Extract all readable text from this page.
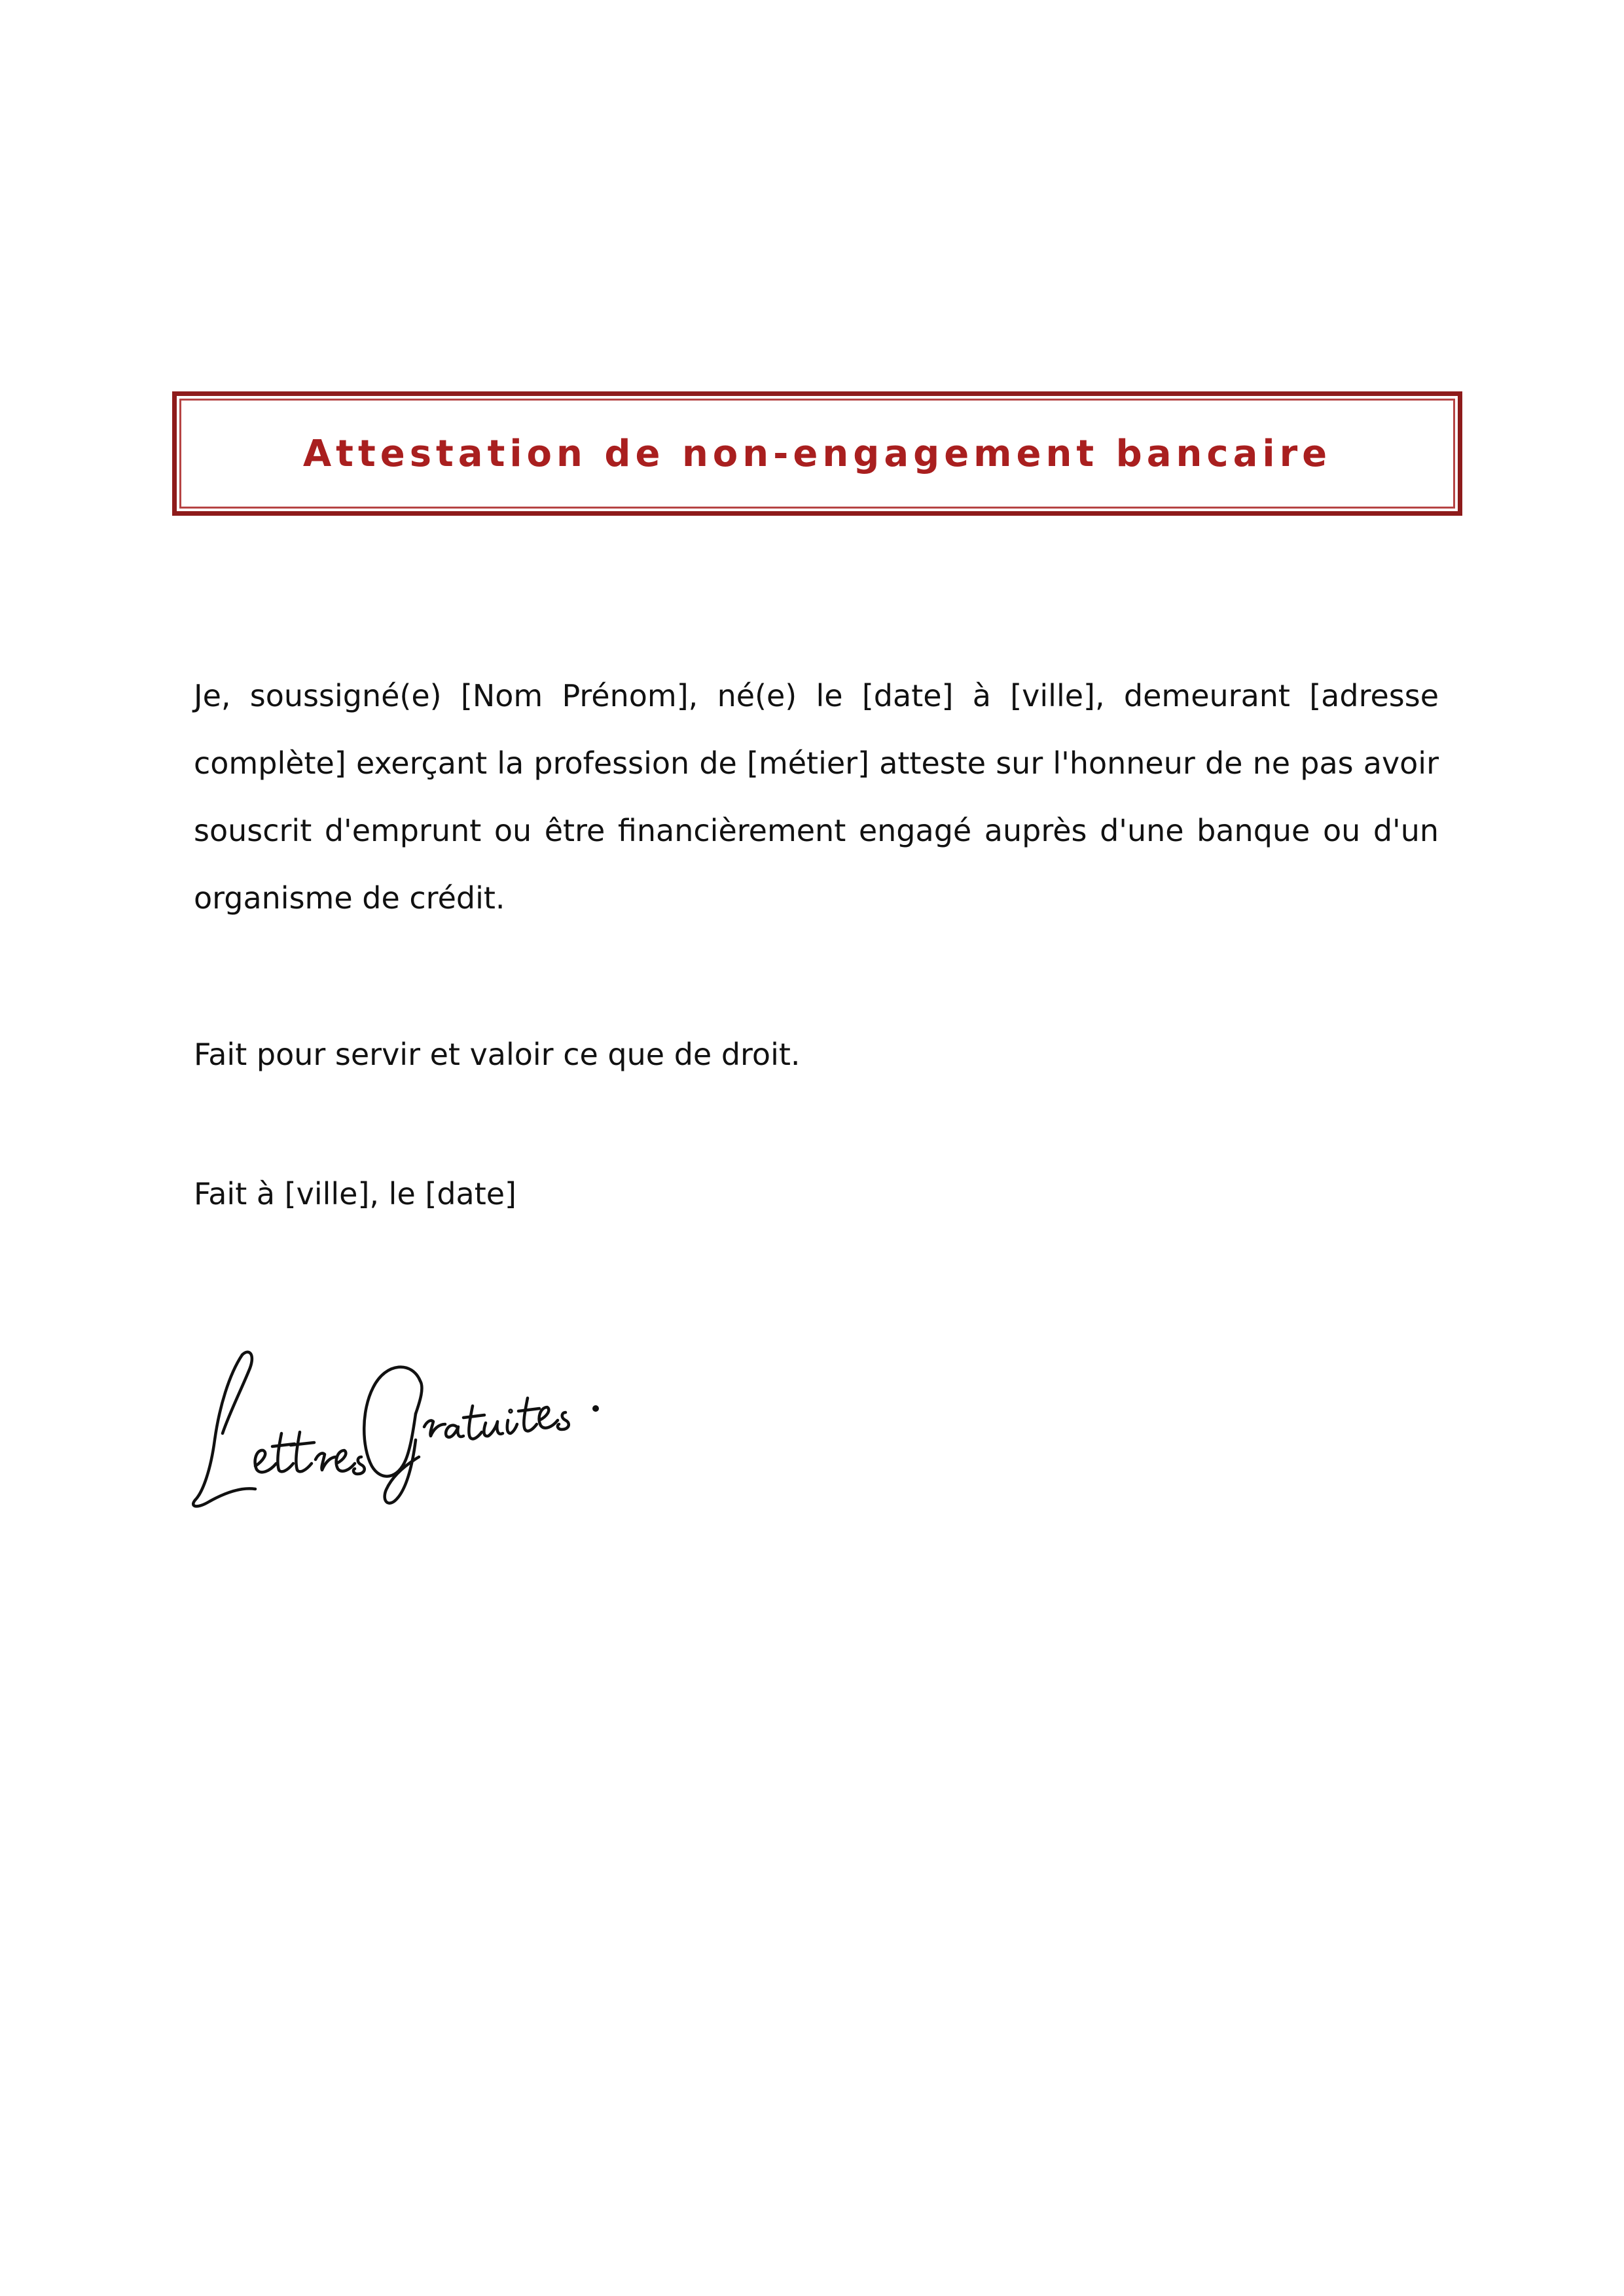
Attestation de non-engagement bancaire

Je, soussigné(e) [Nom Prénom], né(e) le [date] à [ville], demeurant [adresse complète] exerçant la profession de [métier] atteste sur l'honneur de ne pas avoir souscrit d'emprunt ou être financièrement engagé auprès d'une banque ou d'un organisme de crédit.

Fait pour servir et valoir ce que de droit.

Fait à [ville], le [date]
